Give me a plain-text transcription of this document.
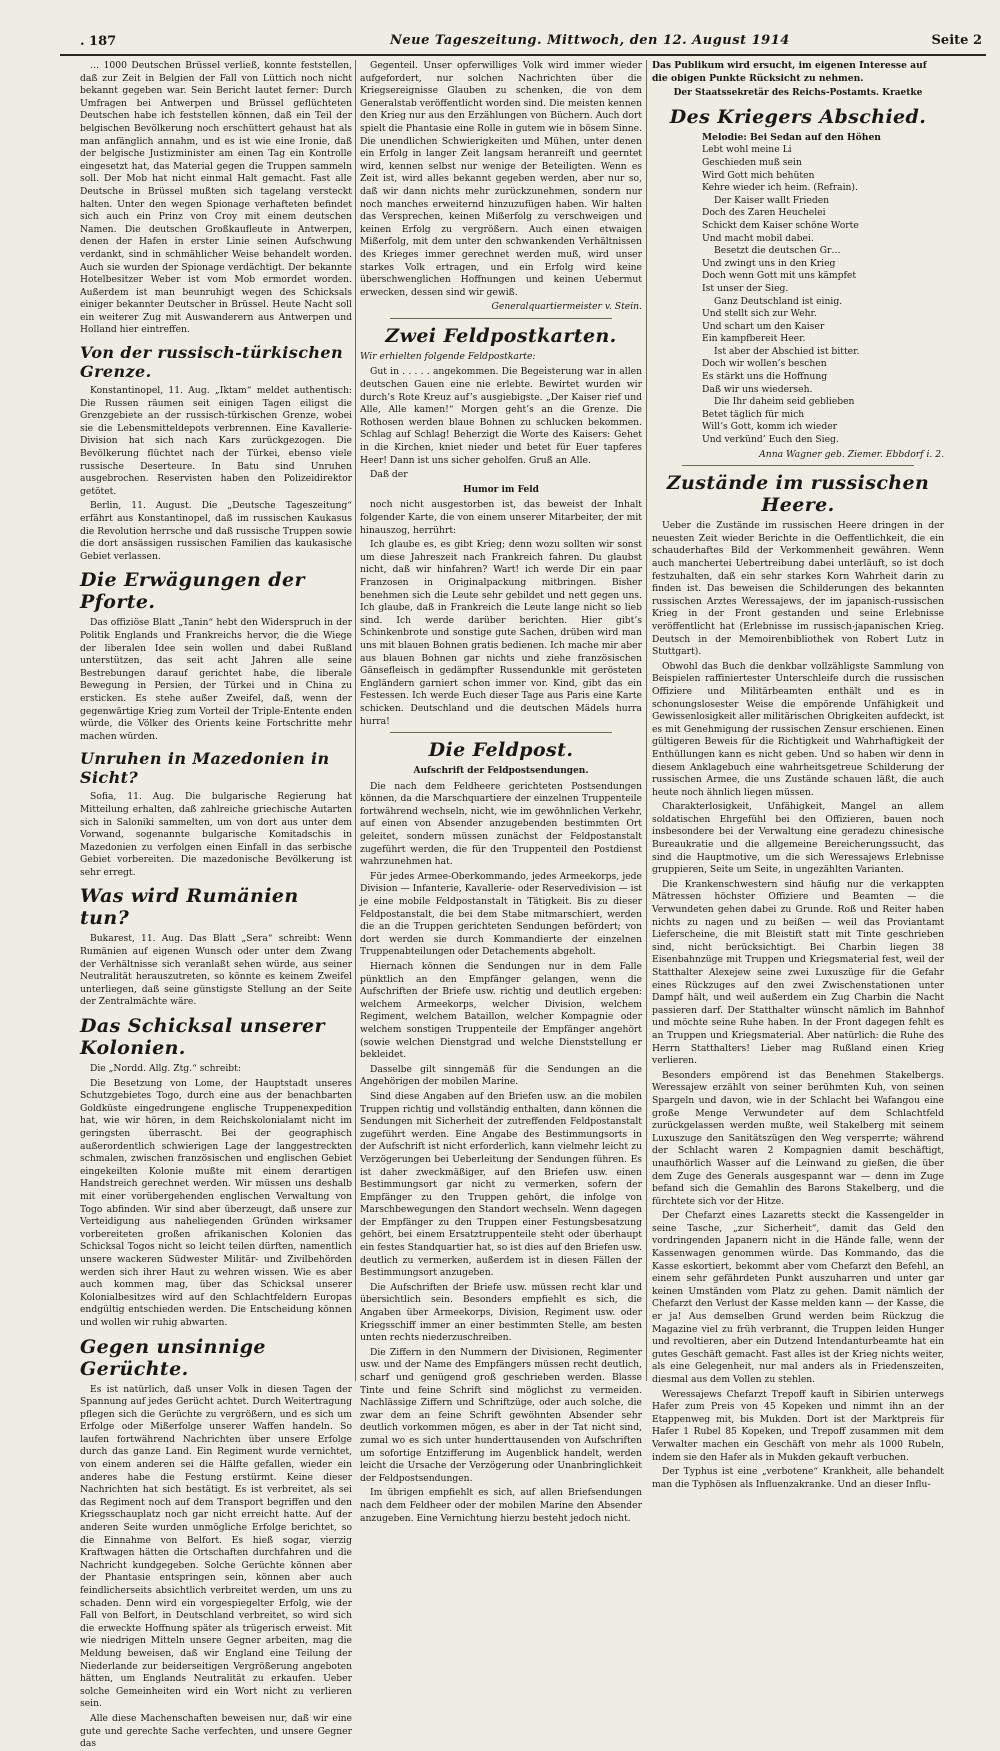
. 187	Neue Tageszeitung. Mittwoch, den 12. August 1914	Seite 2

… 1000 Deutschen Brüssel verließ, konnte feststellen, daß zur Zeit in Belgien der Fall von Lüttich noch nicht bekannt gegeben war. Sein Bericht lautet ferner: Durch Umfragen bei Antwerpen und Brüssel geflüchteten Deutschen habe ich feststellen können, daß ein Teil der belgischen Bevölkerung noch erschüttert gehaust hat als man anfänglich annahm, und es ist wie eine Ironie, daß der belgische Justizminister am einen Tag ein Kontrolle eingesetzt hat, das Material gegen die Truppen sammeln soll. Der Mob hat nicht einmal Halt gemacht. Fast alle Deutsche in Brüssel mußten sich tagelang versteckt halten. Unter den wegen Spionage verhafteten befindet sich auch ein Prinz von Croy mit einem deutschen Namen. Die deutschen Großkaufleute in Antwerpen, denen der Hafen in erster Linie seinen Aufschwung verdankt, sind in schmählicher Weise behandelt worden. Auch sie wurden der Spionage verdächtigt. Der bekannte Hotelbesitzer Weber ist vom Mob ermordet worden. Außerdem ist man beunruhigt wegen des Schicksals einiger bekannter Deutscher in Brüssel. Heute Nacht soll ein weiterer Zug mit Auswanderern aus Antwerpen und Holland hier eintreffen.

Von der russisch-türkischen Grenze.

Konstantinopel, 11. Aug. „Iktam“ meldet authentisch: Die Russen räumen seit einigen Tagen eiligst die Grenzgebiete an der russisch-türkischen Grenze, wobei sie die Lebensmitteldepots verbrennen. Eine Kavallerie-Division hat sich nach Kars zurückgezogen. Die Bevölkerung flüchtet nach der Türkei, ebenso viele russische Deserteure. In Batu sind Unruhen ausgebrochen. Reservisten haben den Polizeidirektor getötet.

Berlin, 11. August. Die „Deutsche Tageszeitung“ erfährt aus Konstantinopel, daß im russischen Kaukasus die Revolution herrsche und daß russische Truppen sowie die dort ansässigen russischen Familien das kaukasische Gebiet verlassen.

Die Erwägungen der Pforte.

Das offiziöse Blatt „Tanin“ hebt den Widerspruch in der Politik Englands und Frankreichs hervor, die die Wiege der liberalen Idee sein wollen und dabei Rußland unterstützen, das seit acht Jahren alle seine Bestrebungen darauf gerichtet habe, die liberale Bewegung in Persien, der Türkei und in China zu ersticken. Es stehe außer Zweifel, daß, wenn der gegenwärtige Krieg zum Vorteil der Triple-Entente enden würde, die Völker des Orients keine Fortschritte mehr machen würden.

Unruhen in Mazedonien in Sicht?

Sofia, 11. Aug. Die bulgarische Regierung hat Mitteilung erhalten, daß zahlreiche griechische Autarten sich in Saloniki sammelten, um von dort aus unter dem Vorwand, sogenannte bulgarische Komitadschis in Mazedonien zu verfolgen einen Einfall in das serbische Gebiet vorbereiten. Die mazedonische Bevölkerung ist sehr erregt.

Was wird Rumänien tun?

Bukarest, 11. Aug. Das Blatt „Sera“ schreibt: Wenn Rumänien auf eigenen Wunsch oder unter dem Zwang der Verhältnisse sich veranlaßt sehen würde, aus seiner Neutralität herauszutreten, so könnte es keinem Zweifel unterliegen, daß seine günstigste Stellung an der Seite der Zentralmächte wäre.

Das Schicksal unserer Kolonien.

Die „Nordd. Allg. Ztg.“ schreibt:

Die Besetzung von Lome, der Hauptstadt unseres Schutzgebietes Togo, durch eine aus der benachbarten Goldküste eingedrungene englische Truppenexpedition hat, wie wir hören, in dem Reichskolonialamt nicht im geringsten überrascht. Bei der geographisch außerordentlich schwierigen Lage der langgestreckten schmalen, zwischen französischen und englischen Gebiet eingekeilten Kolonie mußte mit einem derartigen Handstreich gerechnet werden. Wir müssen uns deshalb mit einer vorübergehenden englischen Verwaltung von Togo abfinden. Wir sind aber überzeugt, daß unsere zur Verteidigung aus naheliegenden Gründen wirksamer vorbereiteten großen afrikanischen Kolonien das Schicksal Togos nicht so leicht teilen dürften, namentlich unsere wackeren Südwester Militär- und Zivilbehörden werden sich ihrer Haut zu wehren wissen. Wie es aber auch kommen mag, über das Schicksal unserer Kolonialbesitzes wird auf den Schlachtfeldern Europas endgültig entschieden werden. Die Entscheidung können und wollen wir ruhig abwarten.

Gegen unsinnige Gerüchte.

Es ist natürlich, daß unser Volk in diesen Tagen der Spannung auf jedes Gerücht achtet. Durch Weitertragung pflegen sich die Gerüchte zu vergrößern, und es sich um Erfolge oder Mißerfolge unserer Waffen handeln. So laufen fortwährend Nachrichten über unsere Erfolge durch das ganze Land. Ein Regiment wurde vernichtet, von einem anderen sei die Hälfte gefallen, wieder ein anderes habe die Festung erstürmt. Keine dieser Nachrichten hat sich bestätigt. Es ist verbreitet, als sei das Regiment noch auf dem Transport begriffen und den Kriegsschauplatz noch gar nicht erreicht hatte. Auf der anderen Seite wurden unmögliche Erfolge berichtet, so die Einnahme von Belfort. Es hieß sogar, vierzig Kraftwagen hätten die Ortschaften durchfahren und die Nachricht kundgegeben. Solche Gerüchte können aber der Phantasie entspringen sein, können aber auch feindlicherseits absichtlich verbreitet werden, um uns zu schaden. Denn wird ein vorgespiegelter Erfolg, wie der Fall von Belfort, in Deutschland verbreitet, so wird sich die erweckte Hoffnung später als trügerisch erweist. Mit wie niedrigen Mitteln unsere Gegner arbeiten, mag die Meldung beweisen, daß wir England eine Teilung der Niederlande zur beiderseitigen Vergrößerung angeboten hätten, um Englands Neutralität zu erkaufen. Ueber solche Gemeinheiten wird ein Wort nicht zu verlieren sein.

Alle diese Machenschaften beweisen nur, daß wir eine gute und gerechte Sache verfechten, und unsere Gegner das

Gegenteil. Unser opferwilliges Volk wird immer wieder aufgefordert, nur solchen Nachrichten über die Kriegsereignisse Glauben zu schenken, die von dem Generalstab veröffentlicht worden sind. Die meisten kennen den Krieg nur aus den Erzählungen von Büchern. Auch dort spielt die Phantasie eine Rolle in gutem wie in bösem Sinne. Die unendlichen Schwierigkeiten und Mühen, unter denen ein Erfolg in langer Zeit langsam heranreift und geerntet wird, kennen selbst nur wenige der Beteiligten. Wenn es Zeit ist, wird alles bekannt gegeben werden, aber nur so, daß wir dann nichts mehr zurückzunehmen, sondern nur noch manches erweiternd hinzuzufügen haben. Wir halten das Versprechen, keinen Mißerfolg zu verschweigen und keinen Erfolg zu vergrößern. Auch einen etwaigen Mißerfolg, mit dem unter den schwankenden Verhältnissen des Krieges immer gerechnet werden muß, wird unser starkes Volk ertragen, und ein Erfolg wird keine überschwenglichen Hoffnungen und keinen Uebermut erwecken, dessen sind wir gewiß.

Generalquartiermeister v. Stein.
Zwei Feldpostkarten.

Wir erhielten folgende Feldpostkarte:

Gut in . . . . . angekommen. Die Begeisterung war in allen deutschen Gauen eine nie erlebte. Bewirtet wurden wir durch’s Rote Kreuz auf’s ausgiebigste. „Der Kaiser rief und Alle, Alle kamen!“ Morgen geht’s an die Grenze. Die Rothosen werden blaue Bohnen zu schlucken bekommen. Schlag auf Schlag! Beherzigt die Worte des Kaisers: Gehet in die Kirchen, kniet nieder und betet für Euer tapferes Heer! Dann ist uns sicher geholfen. Gruß an Alle.

Daß der

Humor im Feld

noch nicht ausgestorben ist, das beweist der Inhalt folgender Karte, die von einem unserer Mitarbeiter, der mit hinauszog, herrührt:

Ich glaube es, es gibt Krieg; denn wozu sollten wir sonst um diese Jahreszeit nach Frankreich fahren. Du glaubst nicht, daß wir hinfahren? Wart! ich werde Dir ein paar Franzosen in Originalpackung mitbringen. Bisher benehmen sich die Leute sehr gebildet und nett gegen uns. Ich glaube, daß in Frankreich die Leute lange nicht so lieb sind. Ich werde darüber berichten. Hier gibt’s Schinkenbrote und sonstige gute Sachen, drüben wird man uns mit blauen Bohnen gratis bedienen. Ich mache mir aber aus blauen Bohnen gar nichts und ziehe französischen Gänsefleisch in gedämpfter Russendunkle mit gerösteten Engländern garniert schon immer vor. Kind, gibt das ein Festessen. Ich werde Euch dieser Tage aus Paris eine Karte schicken. Deutschland und die deutschen Mädels hurra hurra!

Die Feldpost.
Aufschrift der Feldpostsendungen.

Die nach dem Feldheere gerichteten Postsendungen können, da die Marschquartiere der einzelnen Truppenteile fortwährend wechseln, nicht, wie im gewöhnlichen Verkehr, auf einen von Absender anzugebenden bestimmten Ort geleitet, sondern müssen zunächst der Feldpostanstalt zugeführt werden, die für den Truppenteil den Postdienst wahrzunehmen hat.

Für jedes Armee-Oberkommando, jedes Armeekorps, jede Division — Infanterie, Kavallerie- oder Reservedivision — ist je eine mobile Feldpostanstalt in Tätigkeit. Bis zu dieser Feldpostanstalt, die bei dem Stabe mitmarschiert, werden die an die Truppen gerichteten Sendungen befördert; von dort werden sie durch Kommandierte der einzelnen Truppenabteilungen oder Detachements abgeholt.

Hiernach können die Sendungen nur in dem Falle pünktlich an den Empfänger gelangen, wenn die Aufschriften der Briefe usw. richtig und deutlich ergeben: welchem Armeekorps, welcher Division, welchem Regiment, welchem Bataillon, welcher Kompagnie oder welchem sonstigen Truppenteile der Empfänger angehört (sowie welchen Dienstgrad und welche Dienststellung er bekleidet.

Dasselbe gilt sinngemäß für die Sendungen an die Angehörigen der mobilen Marine.

Sind diese Angaben auf den Briefen usw. an die mobilen Truppen richtig und vollständig enthalten, dann können die Sendungen mit Sicherheit der zutreffenden Feldpostanstalt zugeführt werden. Eine Angabe des Bestimmungsorts in der Aufschrift ist nicht erforderlich, kann vielmehr leicht zu Verzögerungen bei Ueberleitung der Sendungen führen. Es ist daher zweckmäßiger, auf den Briefen usw. einen Bestimmungsort gar nicht zu vermerken, sofern der Empfänger zu den Truppen gehört, die infolge von Marschbewegungen den Standort wechseln. Wenn dagegen der Empfänger zu den Truppen einer Festungsbesatzung gehört, bei einem Ersatztruppenteile steht oder überhaupt ein festes Standquartier hat, so ist dies auf den Briefen usw. deutlich zu vermerken, außerdem ist in diesen Fällen der Bestimmungsort anzugeben.

Die Aufschriften der Briefe usw. müssen recht klar und übersichtlich sein. Besonders empfiehlt es sich, die Angaben über Armeekorps, Division, Regiment usw. oder Kriegsschiff immer an einer bestimmten Stelle, am besten unten rechts niederzuschreiben.

Die Ziffern in den Nummern der Divisionen, Regimenter usw. und der Name des Empfängers müssen recht deutlich, scharf und genügend groß geschrieben werden. Blasse Tinte und feine Schrift sind möglichst zu vermeiden. Nachlässige Ziffern und Schriftzüge, oder auch solche, die zwar dem an feine Schrift gewöhnten Absender sehr deutlich vorkommen mögen, es aber in der Tat nicht sind, zumal wo es sich unter hunderttausenden von Aufschriften um sofortige Entzifferung im Augenblick handelt, werden leicht die Ursache der Verzögerung oder Unanbringlichkeit der Feldpostsendungen.

Im übrigen empfiehlt es sich, auf allen Briefsendungen nach dem Feldheer oder der mobilen Marine den Absender anzugeben. Eine Vernichtung hierzu besteht jedoch nicht.

Das Publikum wird ersucht, im eigenen Interesse auf die obigen Punkte Rücksicht zu nehmen.

Der Staatssekretär des Reichs-Postamts. Kraetke
Des Kriegers Abschied.
Melodie: Bei Sedan auf den Höhen
Lebt wohl meine Li
Geschieden muß sein
Wird Gott mich behüten
Kehre wieder ich heim. (Refrain).
Der Kaiser wallt Frieden
Doch des Zaren Heuchelei
Schickt dem Kaiser schöne Worte
Und macht mobil dabei.
Besetzt die deutschen Gr…
Und zwingt uns in den Krieg
Doch wenn Gott mit uns kämpfet
Ist unser der Sieg.
Ganz Deutschland ist einig.
Und stellt sich zur Wehr.
Und schart um den Kaiser
Ein kampfbereit Heer.
Ist aber der Abschied ist bitter.
Doch wir wollen’s beschen
Es stärkt uns die Hoffnung
Daß wir uns wiederseh.
Die Ihr daheim seid geblieben
Betet täglich für mich
Will’s Gott, komm ich wieder
Und verkünd’ Euch den Sieg.
Anna Wagner geb. Ziemer. Ebbdorf i. 2.
Zustände im russischen Heere.

Ueber die Zustände im russischen Heere dringen in der neuesten Zeit wieder Berichte in die Oeffentlichkeit, die ein schauderhaftes Bild der Verkommenheit gewähren. Wenn auch manchertei Uebertreibung dabei unterläuft, so ist doch festzuhalten, daß ein sehr starkes Korn Wahrheit darin zu finden ist. Das beweisen die Schilderungen des bekannten russischen Arztes Weressajews, der im japanisch-russischen Krieg in der Front gestanden und seine Erlebnisse veröffentlicht hat (Erlebnisse im russisch-japanischen Krieg. Deutsch in der Memoirenbibliothek von Robert Lutz in Stuttgart).

Obwohl das Buch die denkbar vollzähligste Sammlung von Beispielen raffiniertester Unterschleife durch die russischen Offiziere und Militärbeamten enthält und es in schonungslosester Weise die empörende Unfähigkeit und Gewissenlosigkeit aller militärischen Obrigkeiten aufdeckt, ist es mit Genehmigung der russischen Zensur erschienen. Einen gültigeren Beweis für die Richtigkeit und Wahrhaftigkeit der Enthüllungen kann es nicht geben. Und so haben wir denn in diesem Anklagebuch eine wahrheitsgetreue Schilderung der russischen Armee, die uns Zustände schauen läßt, die auch heute noch ähnlich liegen müssen.

Charakterlosigkeit, Unfähigkeit, Mangel an allem soldatischen Ehrgefühl bei den Offizieren, bauen noch insbesondere bei der Verwaltung eine geradezu chinesische Bureaukratie und die allgemeine Bereicherungssucht, das sind die Hauptmotive, um die sich Weressajews Erlebnisse gruppieren, Seite um Seite, in ungezählten Varianten.

Die Krankenschwestern sind häufig nur die verkappten Mätressen höchster Offiziere und Beamten — die Verwundeten gehen dabei zu Grunde. Roß und Reiter haben nichts zu nagen und zu beißen — weil das Proviantamt Lieferscheine, die mit Bleistift statt mit Tinte geschrieben sind, nicht berücksichtigt. Bei Charbin liegen 38 Eisenbahnzüge mit Truppen und Kriegsmaterial fest, weil der Statthalter Alexejew seine zwei Luxuszüge für die Gefahr eines Rückzuges auf den zwei Zwischenstationen unter Dampf hält, und weil außerdem ein Zug Charbin die Nacht passieren darf. Der Statthalter wünscht nämlich im Bahnhof und möchte seine Ruhe haben. In der Front dagegen fehlt es an Truppen und Kriegsmaterial. Aber natürlich: die Ruhe des Herrn Statthalters! Lieber mag Rußland einen Krieg verlieren.

Besonders empörend ist das Benehmen Stakelbergs. Weressajew erzählt von seiner berühmten Kuh, von seinen Spargeln und davon, wie in der Schlacht bei Wafangou eine große Menge Verwundeter auf dem Schlachtfeld zurückgelassen werden mußte, weil Stakelberg mit seinem Luxuszuge den Sanitätszügen den Weg versperrte; während der Schlacht waren 2 Kompagnien damit beschäftigt, unaufhörlich Wasser auf die Leinwand zu gießen, die über dem Zuge des Generals ausgespannt war — denn im Zuge befand sich die Gemahlin des Barons Stakelberg, und die fürchtete sich vor der Hitze.

Der Chefarzt eines Lazaretts steckt die Kassengelder in seine Tasche, „zur Sicherheit“, damit das Geld den vordringenden Japanern nicht in die Hände falle, wenn der Kassenwagen genommen würde. Das Kommando, das die Kasse eskortiert, bekommt aber vom Chefarzt den Befehl, an einem sehr gefährdeten Punkt auszuharren und unter gar keinen Umständen vom Platz zu gehen. Damit nämlich der Chefarzt den Verlust der Kasse melden kann — der Kasse, die er ja! Aus demselben Grund werden beim Rückzug die Magazine viel zu früh verbrannt, die Truppen leiden Hunger und revoltieren, aber ein Dutzend Intendanturbeamte hat ein gutes Geschäft gemacht. Fast alles ist der Krieg nichts weiter, als eine Gelegenheit, nur mal anders als in Friedenszeiten, diesmal aus dem Vollen zu stehlen.

Weressajews Chefarzt Trepoff kauft in Sibirien unterwegs Hafer zum Preis von 45 Kopeken und nimmt ihn an der Etappenweg mit, bis Mukden. Dort ist der Marktpreis für Hafer 1 Rubel 85 Kopeken, und Trepoff zusammen mit dem Verwalter machen ein Geschäft von mehr als 1000 Rubeln, indem sie den Hafer als in Mukden gekauft verbuchen.

Der Typhus ist eine „verbotene“ Krankheit, alle behandelt man die Typhösen als Influenzakranke. Und an dieser Influ-
